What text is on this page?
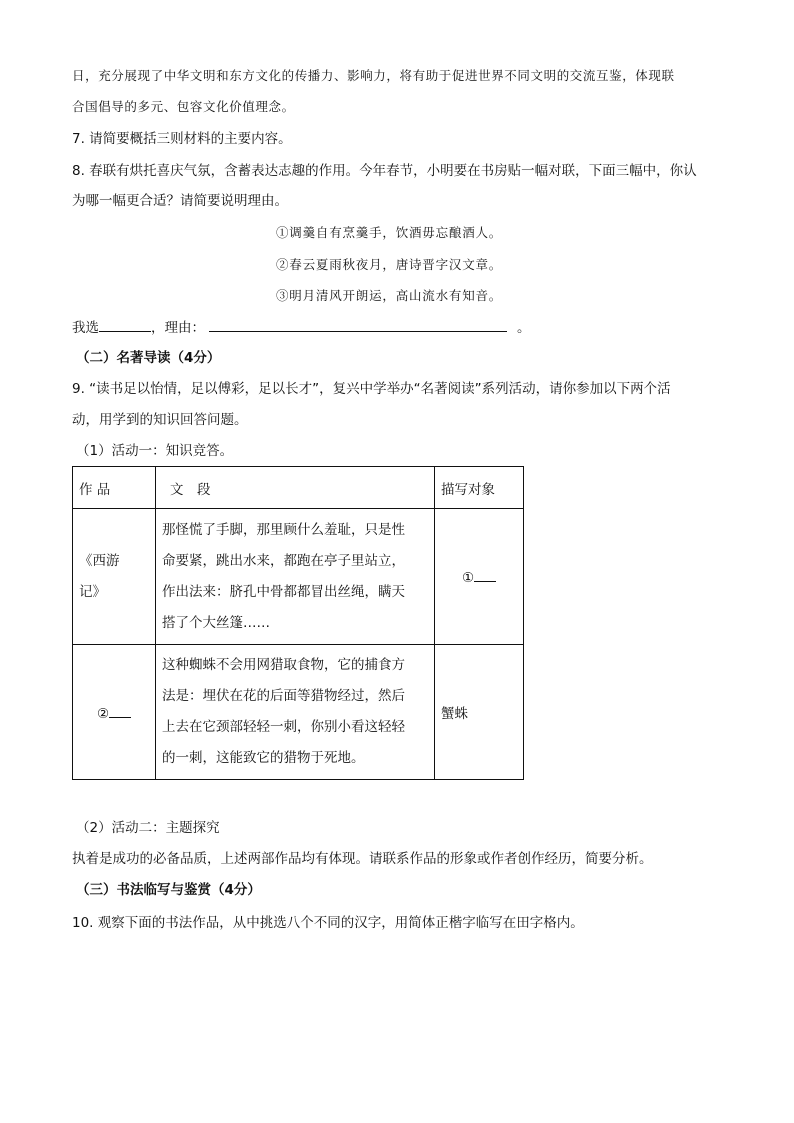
日，充分展现了中华文明和东方文化的传播力、影响力，将有助于促进世界不同文明的交流互鉴，体现联
合国倡导的多元、包容文化价值理念。
7. 请简要概括三则材料的主要内容。
8. 春联有烘托喜庆气氛，含蓄表达志趣的作用。今年春节，小明要在书房贴一幅对联，下面三幅中，你认
为哪一幅更合适？请简要说明理由。
①调羹自有烹羹手，饮酒毋忘酿酒人。
②春云夏雨秋夜月，唐诗晋字汉文章。
③明月清风开朗运，高山流水有知音。
我选	，理由：	。
（二）名著导读（4分）
9. “读书足以怡情，足以傅彩，足以长才”，复兴中学举办“名著阅读”系列活动，请你参加以下两个活
动，用学到的知识回答问题。
（1）活动一：知识竞答。
作 品	文　段	描写对象

《西游记》	那怪慌了手脚，那里顾什么羞耻，只是性
命要紧，跳出水来，都跑在亭子里站立，
作出法来：脐孔中骨都都冒出丝绳，瞒天
搭了个大丝篷……	①
②	这种蜘蛛不会用网猎取食物，它的捕食方
法是：埋伏在花的后面等猎物经过，然后
上去在它颈部轻轻一刺，你别小看这轻轻
的一刺，这能致它的猎物于死地。	蟹蛛
（2）活动二：主题探究
执着是成功的必备品质，上述两部作品均有体现。请联系作品的形象或作者创作经历，简要分析。
（三）书法临写与鉴赏（4分）
10. 观察下面的书法作品，从中挑选八个不同的汉字，用简体正楷字临写在田字格内。
